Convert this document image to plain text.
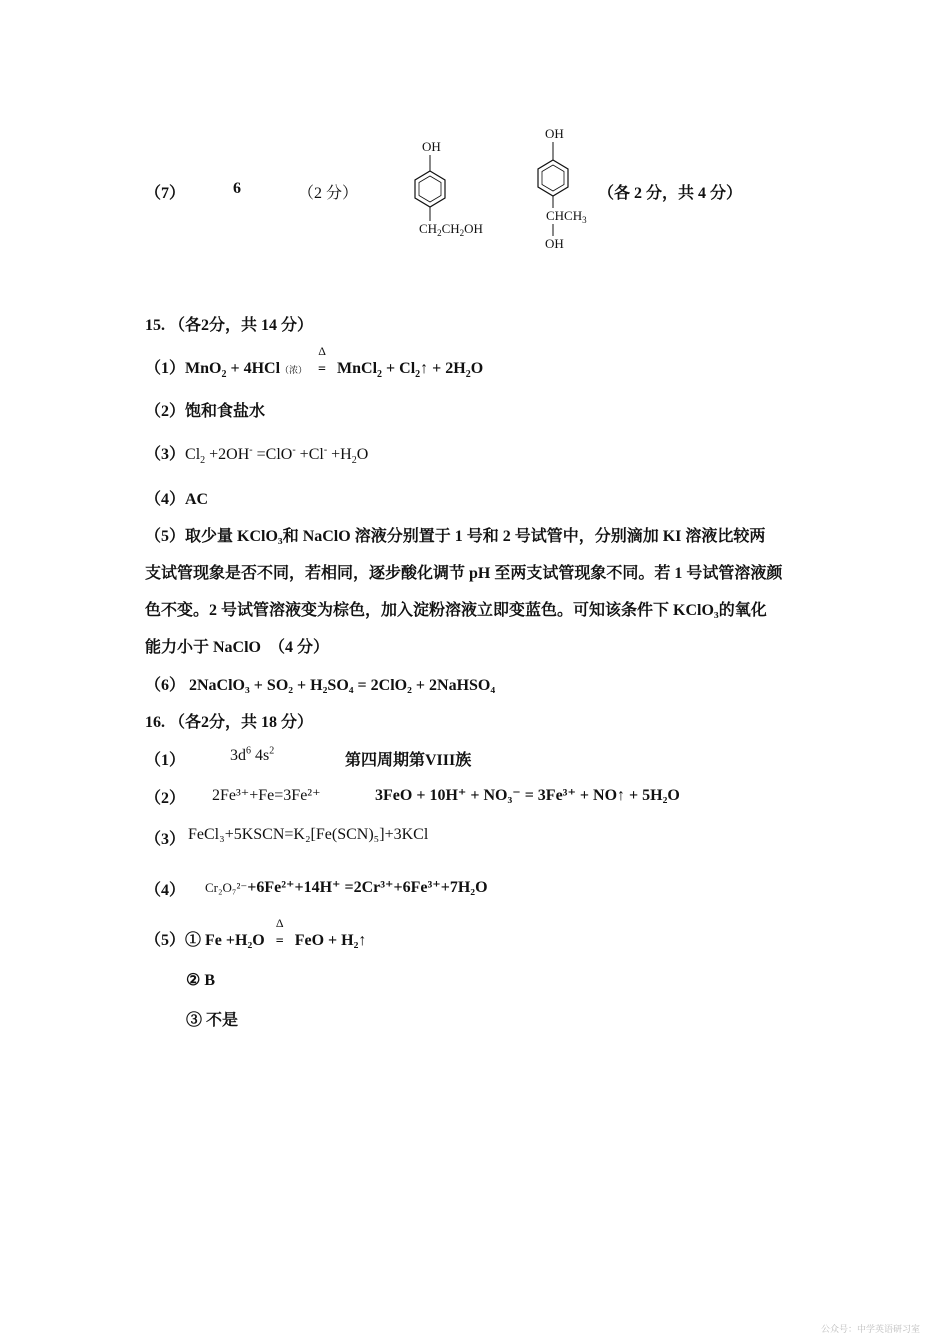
（7）	6	（2 分）
OH
$CH_2CH_2OH$
OH
$CHCH_3$
OH
（各 2 分，共 4 分）
15. （各2分，共 14 分）
（1）MnO$_2$ + 4HCl（浓）
Δ
= MnCl$_2$ + $Cl_2↑ + 2H_2O$
（2）饱和食盐水
$(3)Cl_2 +2OH^- =ClO^- +Cl^- +H_2O$
（4）AC
（5）取少量 KClO₃和 NaClO 溶液分别置于 1 号和 2 号试管中，分别滴加 KI 溶液比较两
支试管现象是否不同，若相同，逐步酸化调节 pH 至两支试管现象不同。若 1 号试管溶液颜
色不变。2 号试管溶液变为棕色，加入淀粉溶液立即变蓝色。可知该条件下 KClO₃的氧化
能力小于 NaClO　（4 分）
（6） 2NaClO₃ + SO₂ + H₂SO₄ = 2ClO₂ + 2NaHSO₄
16. （各2分，共 18 分）
（1）	$3d^6$ $4s^2$
第四周期第VIII族
（2） 2Fe³⁺+Fe=3Fe²⁺	3FeO + 10H⁺ + NO₃⁻ = 3Fe³⁺ + NO↑ + 5H₂O
（3） FeCl₃+5KSCN=K₂[Fe(SCN)₅]+3KCl
（4） Cr₂O₇²⁻+6Fe²⁺+14H⁺ =2Cr³⁺+6Fe³⁺+7H₂O
（5）① Fe +H₂O
Δ
= FeO + H₂↑
② B
③ 不是
公众号：中学英语研习室
